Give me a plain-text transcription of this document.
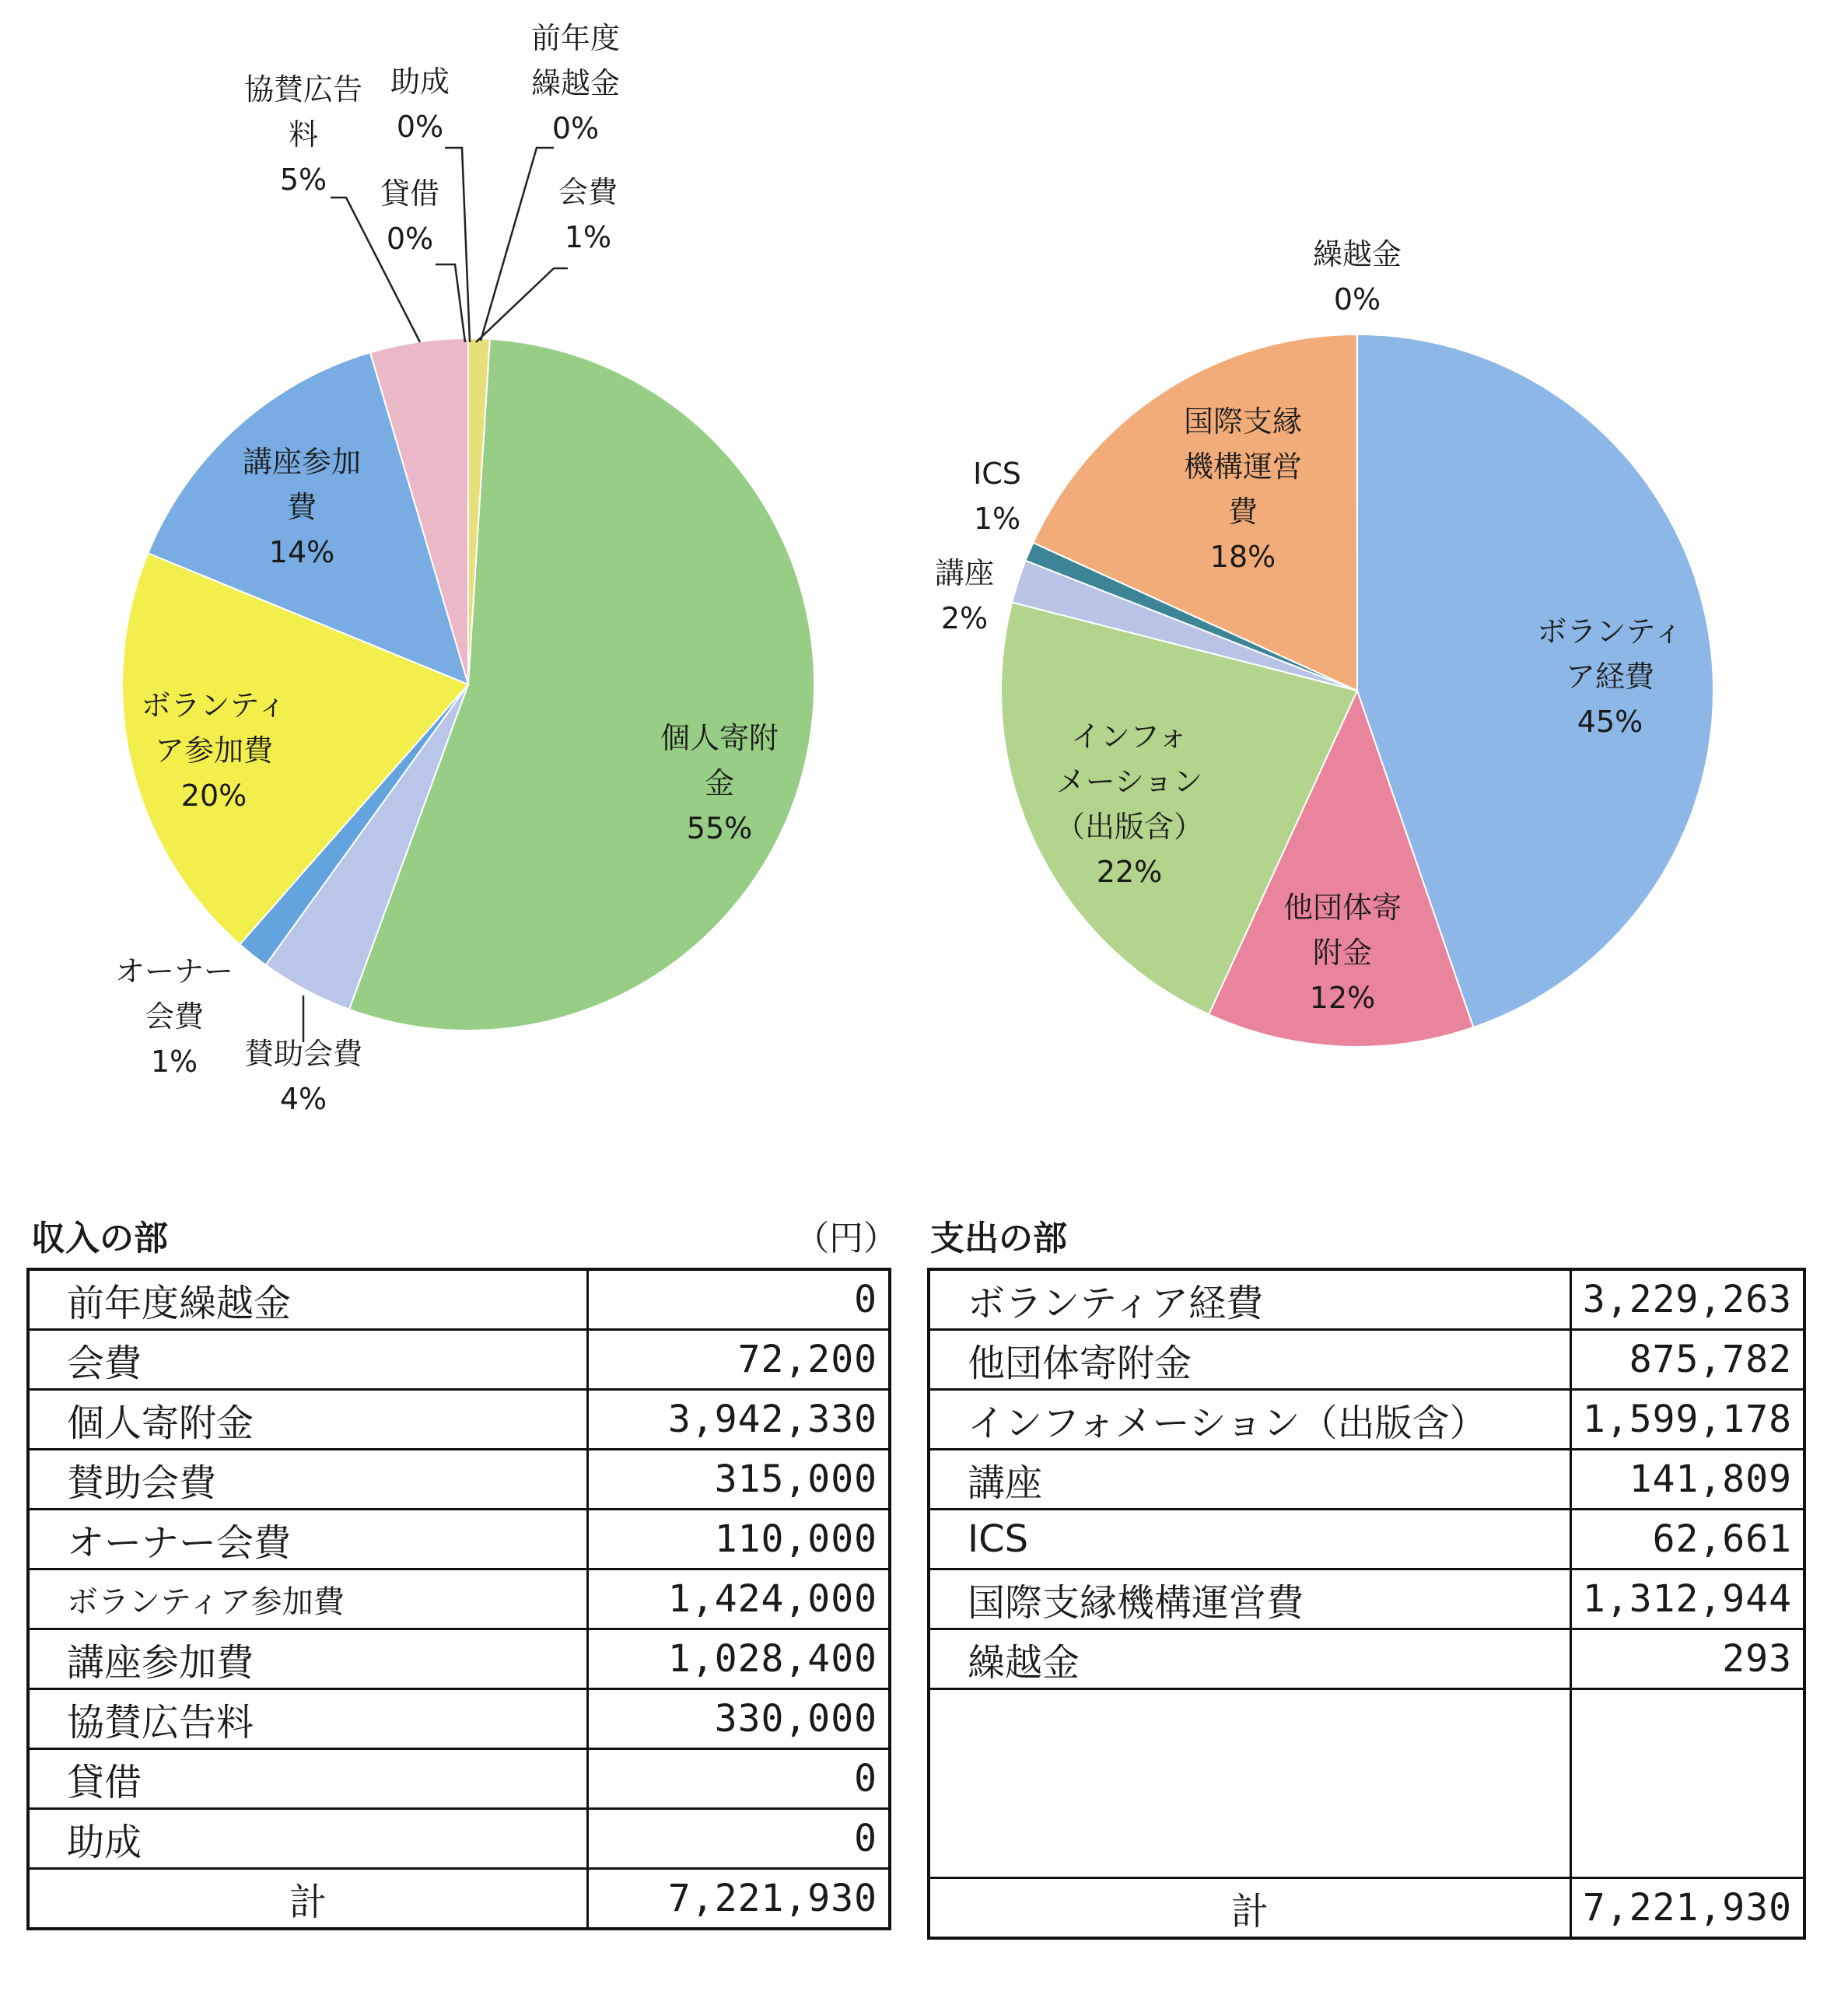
前年度繰越金 0%
会費 1%
個人寄附金 55%
賛助会費 4%
オーナー会費 1%
ボランティア参加費 20%
講座参加費 14%
協賛広告料 5%	貸借 0%
助成 0%
ボランティア経費 45%
他団体寄附金 12%
インフォメーション（出版含） 22%
講座 2%
ICS 1%
国際支縁機構運営費 18%
繰越金 0%
収入の部	（円） 支出の部
前年度繰越金	0
会費	72,200
個人寄附金	3,942,330
賛助会費	315,000
オーナー会費	110,000
ボランティア参加費	1,424,000
講座参加費	1,028,400
協賛広告料	330,000
貸借	0
助成	0
計	7,221,930
ボランティア経費	3,229,263
他団体寄附金	875,782
インフォメーション（出版含）	1,599,178
講座	141,809
ICS	62,661
国際支縁機構運営費	1,312,944
繰越金	293

計	7,221,930
